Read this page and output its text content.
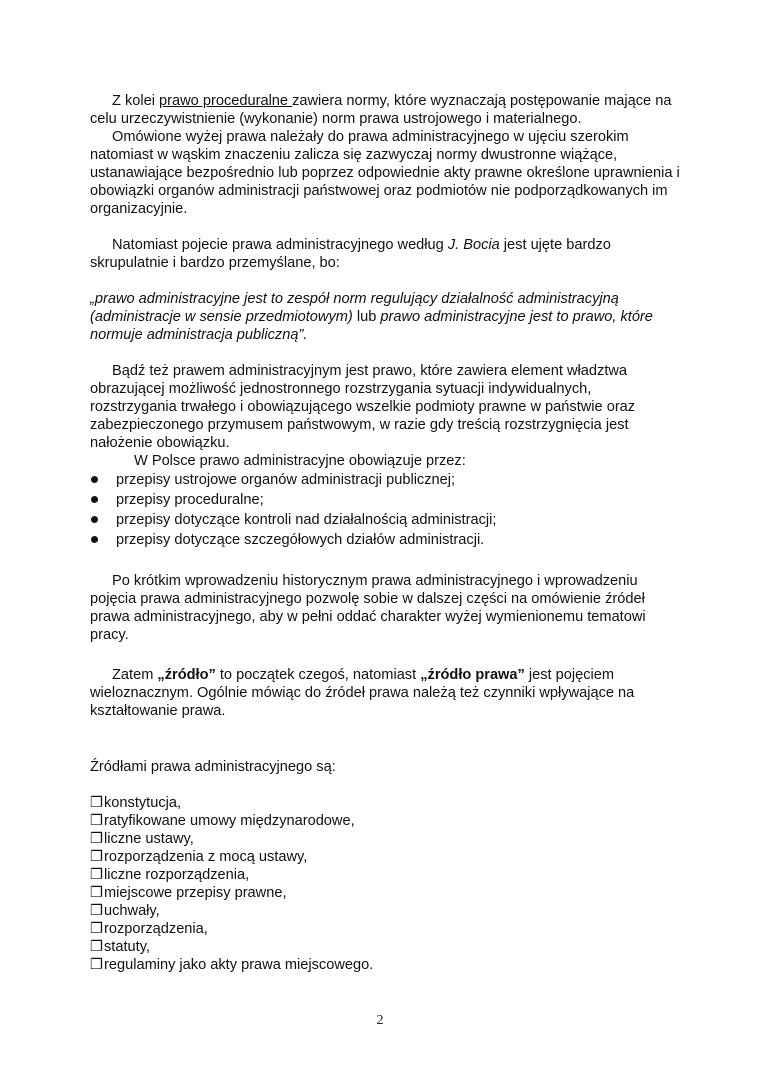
Z kolei prawo proceduralne zawiera normy, które wyznaczają postępowanie mające na celu urzeczywistnienie (wykonanie) norm prawa ustrojowego i materialnego.

Omówione wyżej prawa należały do prawa administracyjnego w ujęciu szerokim natomiast w wąskim znaczeniu zalicza się zazwyczaj normy dwustronne wiążące, ustanawiające bezpośrednio lub poprzez odpowiednie akty prawne określone uprawnienia i obowiązki organów administracji państwowej oraz podmiotów nie podporządkowanych im organizacyjnie.

Natomiast pojecie prawa administracyjnego według J. Bocia jest ujęte bardzo skrupulatnie i bardzo przemyślane, bo:

„prawo administracyjne jest to zespół norm regulujący działalność administracyjną (administracje w sensie przedmiotowym) lub prawo administracyjne jest to prawo, które normuje administracja publiczną”.

Bądź też prawem administracyjnym jest prawo, które zawiera element władztwa obrazującej możliwość jednostronnego rozstrzygania sytuacji indywidualnych, rozstrzygania trwałego i obowiązującego wszelkie podmioty prawne w państwie oraz zabezpieczonego przymusem państwowym, w razie gdy treścią rozstrzygnięcia jest nałożenie obowiązku.

W Polsce prawo administracyjne obowiązuje przez:

przepisy ustrojowe organów administracji publicznej;
przepisy proceduralne;
przepisy dotyczące kontroli nad działalnością administracji;
przepisy dotyczące szczegółowych działów administracji.

Po krótkim wprowadzeniu historycznym prawa administracyjnego i wprowadzeniu pojęcia prawa administracyjnego pozwolę sobie w dalszej części na omówienie źródeł prawa administracyjnego, aby w pełni oddać charakter wyżej wymienionemu tematowi pracy.

Zatem „źródło” to początek czegoś, natomiast „źródło prawa” jest pojęciem wieloznacznym. Ogólnie mówiąc do źródeł prawa należą też czynniki wpływające na kształtowanie prawa.

Źródłami prawa administracyjnego są:

❒konstytucja,
❒ratyfikowane umowy międzynarodowe,
❒liczne ustawy,
❒rozporządzenia z mocą ustawy,
❒liczne rozporządzenia,
❒miejscowe przepisy prawne,
❒uchwały,
❒rozporządzenia,
❒statuty,
❒regulaminy jako akty prawa miejscowego.
2
